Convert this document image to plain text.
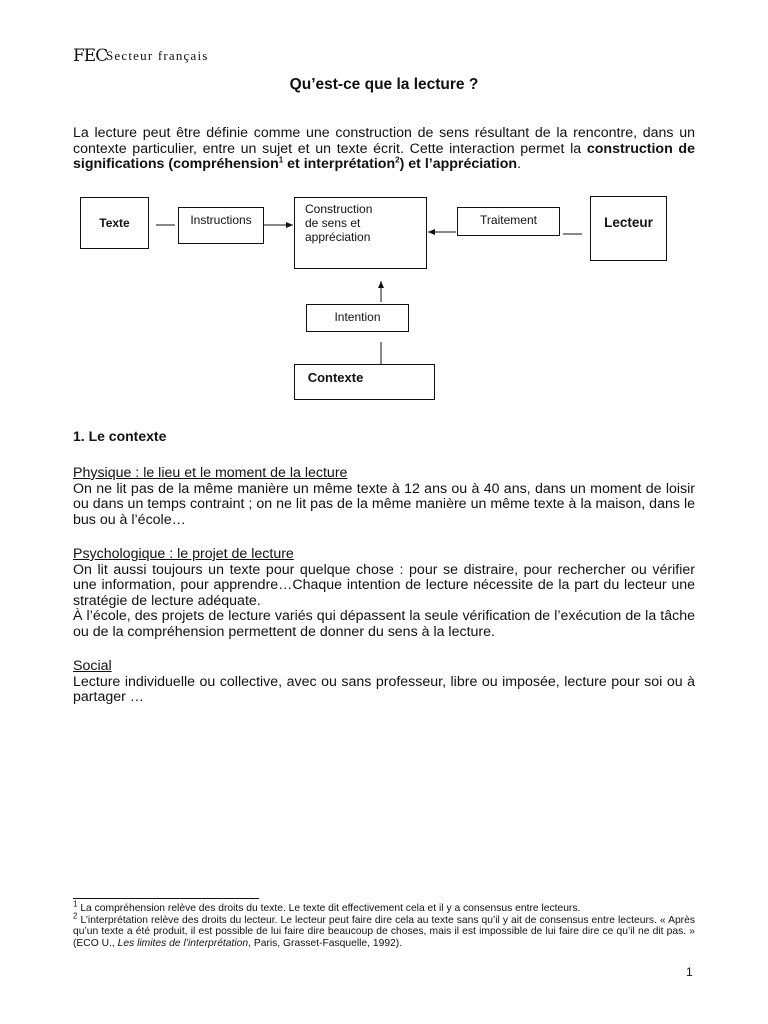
FEC
Secteur français
Qu’est-ce que la lecture ?

La lecture peut être définie comme une construction de sens résultant de la rencontre, dans un contexte particulier, entre un sujet et un texte écrit. Cette interaction permet la construction de significations (compréhension$^1$ et interprétation$^2$) et l’appréciation.

Texte	Instructions
Construction
de sens et
appréciation
Traitement	Lecteur
Intention
Contexte
1. Le contexte

Physique : le lieu et le moment de la lecture

On ne lit pas de la même manière un même texte à 12 ans ou à 40 ans, dans un moment de loisir ou dans un temps contraint ; on ne lit pas de la même manière un même texte à la maison, dans le bus ou à l’école…

Psychologique : le projet de lecture

On lit aussi toujours un texte pour quelque chose : pour se distraire, pour rechercher ou vérifier une information, pour apprendre…Chaque intention de lecture nécessite de la part du lecteur une stratégie de lecture adéquate.

À l’école, des projets de lecture variés qui dépassent la seule vérification de l’exécution de la tâche ou de la compréhension permettent de donner du sens à la lecture.

Social

Lecture individuelle ou collective, avec ou sans professeur, libre ou imposée, lecture pour soi ou à partager …

$^1$ La compréhension relève des droits du texte. Le texte dit effectivement cela et il y a consensus entre lecteurs.

$^2$ L’interprétation relève des droits du lecteur. Le lecteur peut faire dire cela au texte sans qu’il y ait de consensus entre lecteurs. « Après qu’un texte a été produit, il est possible de lui faire dire beaucoup de choses, mais il est impossible de lui faire dire ce qu’il ne dit pas. » (ECO U., Les limites de l’interprétation, Paris, Grasset-Fasquelle, 1992).

1
